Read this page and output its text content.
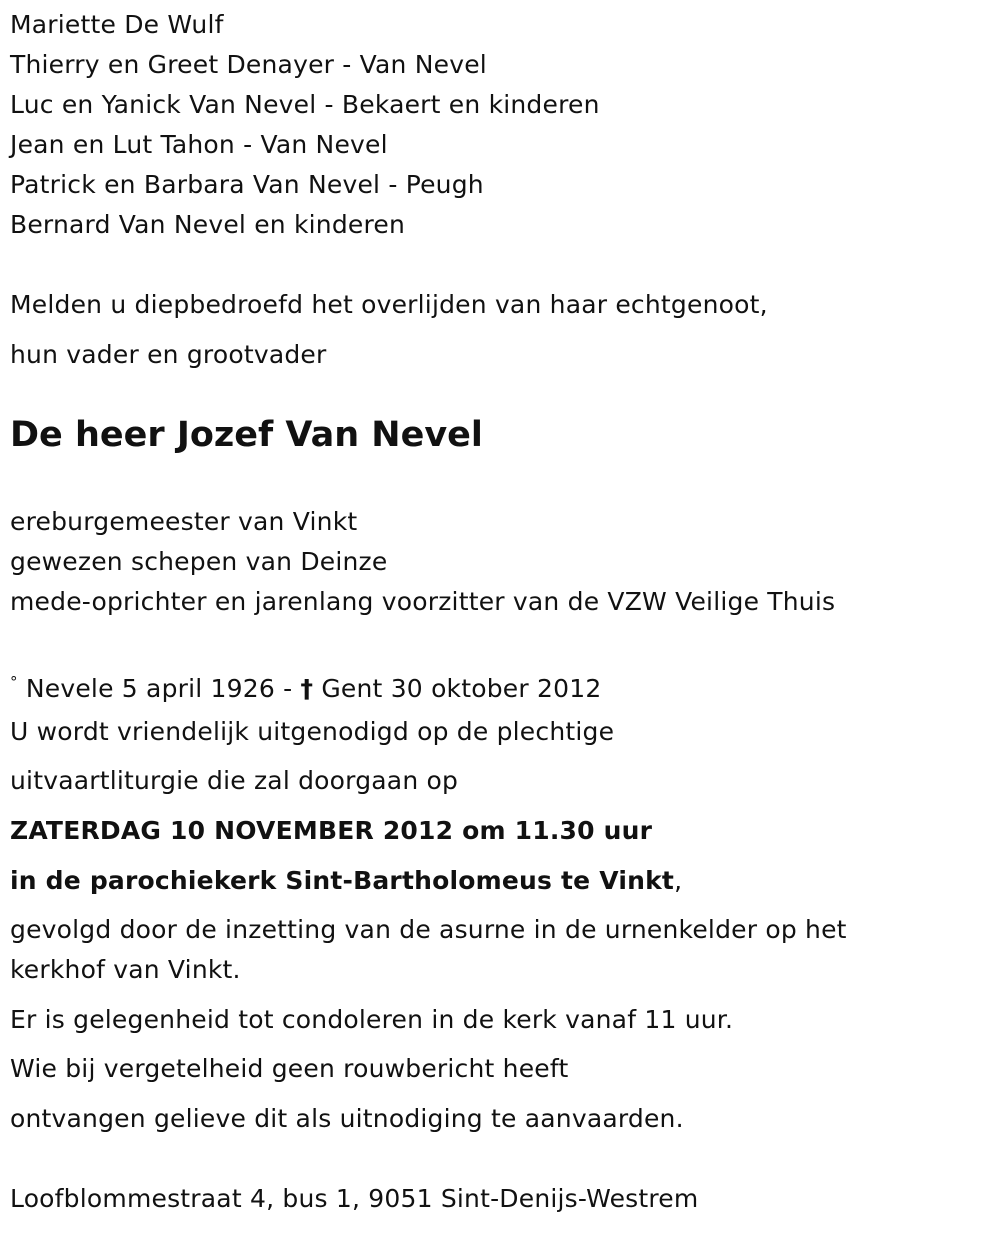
Mariette De Wulf
Thierry en Greet Denayer - Van Nevel
Luc en Yanick Van Nevel - Bekaert en kinderen
Jean en Lut Tahon - Van Nevel
Patrick en Barbara Van Nevel - Peugh
Bernard Van Nevel en kinderen
Melden u diepbedroefd het overlijden van haar echtgenoot,
hun vader en grootvader
De heer Jozef Van Nevel
ereburgemeester van Vinkt
gewezen schepen van Deinze
mede-oprichter en jarenlang voorzitter van de VZW Veilige Thuis
° Nevele 5 april 1926 - † Gent 30 oktober 2012
U wordt vriendelijk uitgenodigd op de plechtige
uitvaartliturgie die zal doorgaan op
ZATERDAG 10 NOVEMBER 2012 om 11.30 uur
in de parochiekerk Sint-Bartholomeus te Vinkt,
gevolgd door de inzetting van de asurne in de urnenkelder op het
kerkhof van Vinkt.
Er is gelegenheid tot condoleren in de kerk vanaf 11 uur.
Wie bij vergetelheid geen rouwbericht heeft
ontvangen gelieve dit als uitnodiging te aanvaarden.
Loofblommestraat 4, bus 1, 9051 Sint-Denijs-Westrem
